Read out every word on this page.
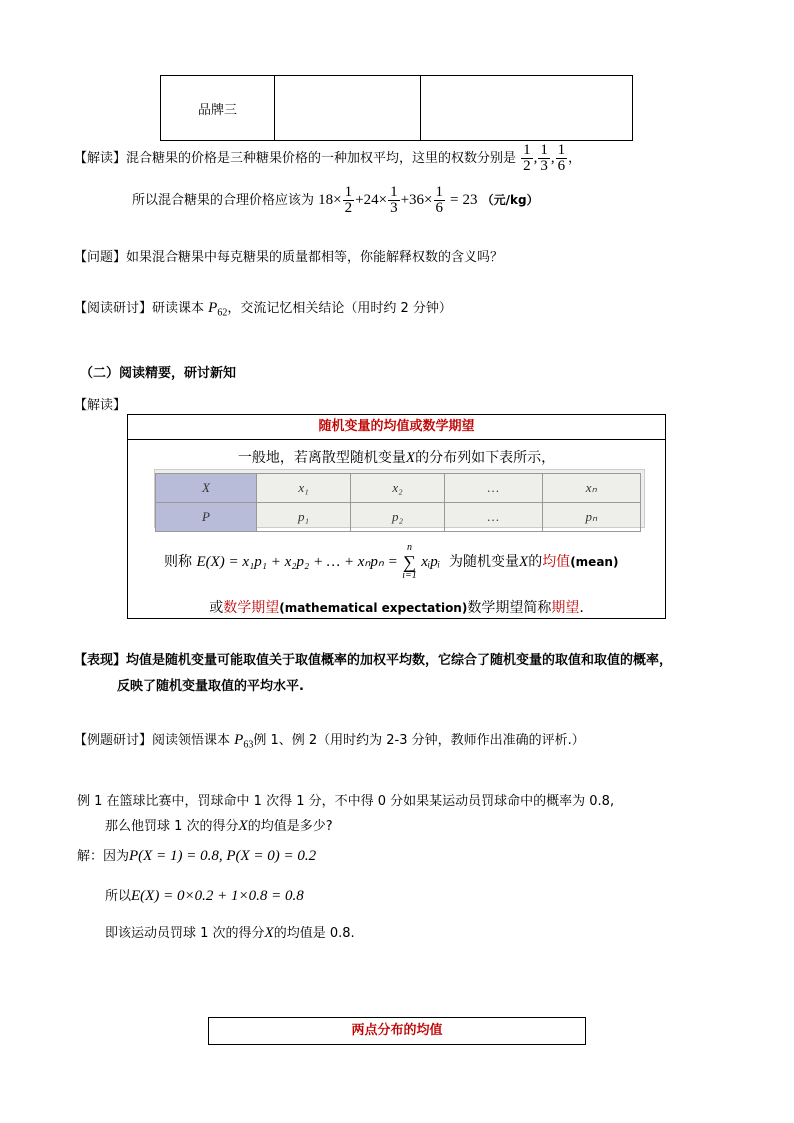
品牌三		
【解读】混合糖果的价格是三种糖果价格的一种加权平均，这里的权数分别是 $\frac{1}{2}$ , $\frac{1}{3}$ , $\frac{1}{6}$ ，
所以混合糖果的合理价格应该为 $18\times \frac{1}{2} +24\times \frac{1}{3} +36\times \frac{1}{6} = 23$ （元/kg）
【问题】如果混合糖果中每克糖果的质量都相等，你能解释权数的含义吗？
【阅读研讨】研读课本 $P_{62}$，交流记忆相关结论（用时约 2 分钟）
（二）阅读精要，研讨新知
【解读】
随机变量的均值或数学期望
一般地，若离散型随机变量X的分布列如下表所示，
X	x₁	x₂	…	xₙ
P	p₁	p₂	…	pₙ
则称 E(X) = x₁p₁ + x₂p₂ + … + xₙpₙ =
n
∑
i=1
xᵢpᵢ 为随机变量X的均值(mean)
或数学期望(mathematical expectation)数学期望简称期望.
【表现】均值是随机变量可能取值关于取值概率的加权平均数，它综合了随机变量的取值和取值的概率，
反映了随机变量取值的平均水平.
【例题研讨】阅读领悟课本 $P_{63}$例 1、例 2（用时约为 2-3 分钟，教师作出准确的评析.）
例 1 在篮球比赛中，罚球命中 1 次得 1 分，不中得 0 分如果某运动员罚球命中的概率为 0.8,
那么他罚球 1 次的得分X的均值是多少?
解：因为P(X = 1) = 0.8, P(X = 0) = 0.2
所以E(X) = 0×0.2 + 1×0.8 = 0.8
即该运动员罚球 1 次的得分X的均值是 0.8.
两点分布的均值
